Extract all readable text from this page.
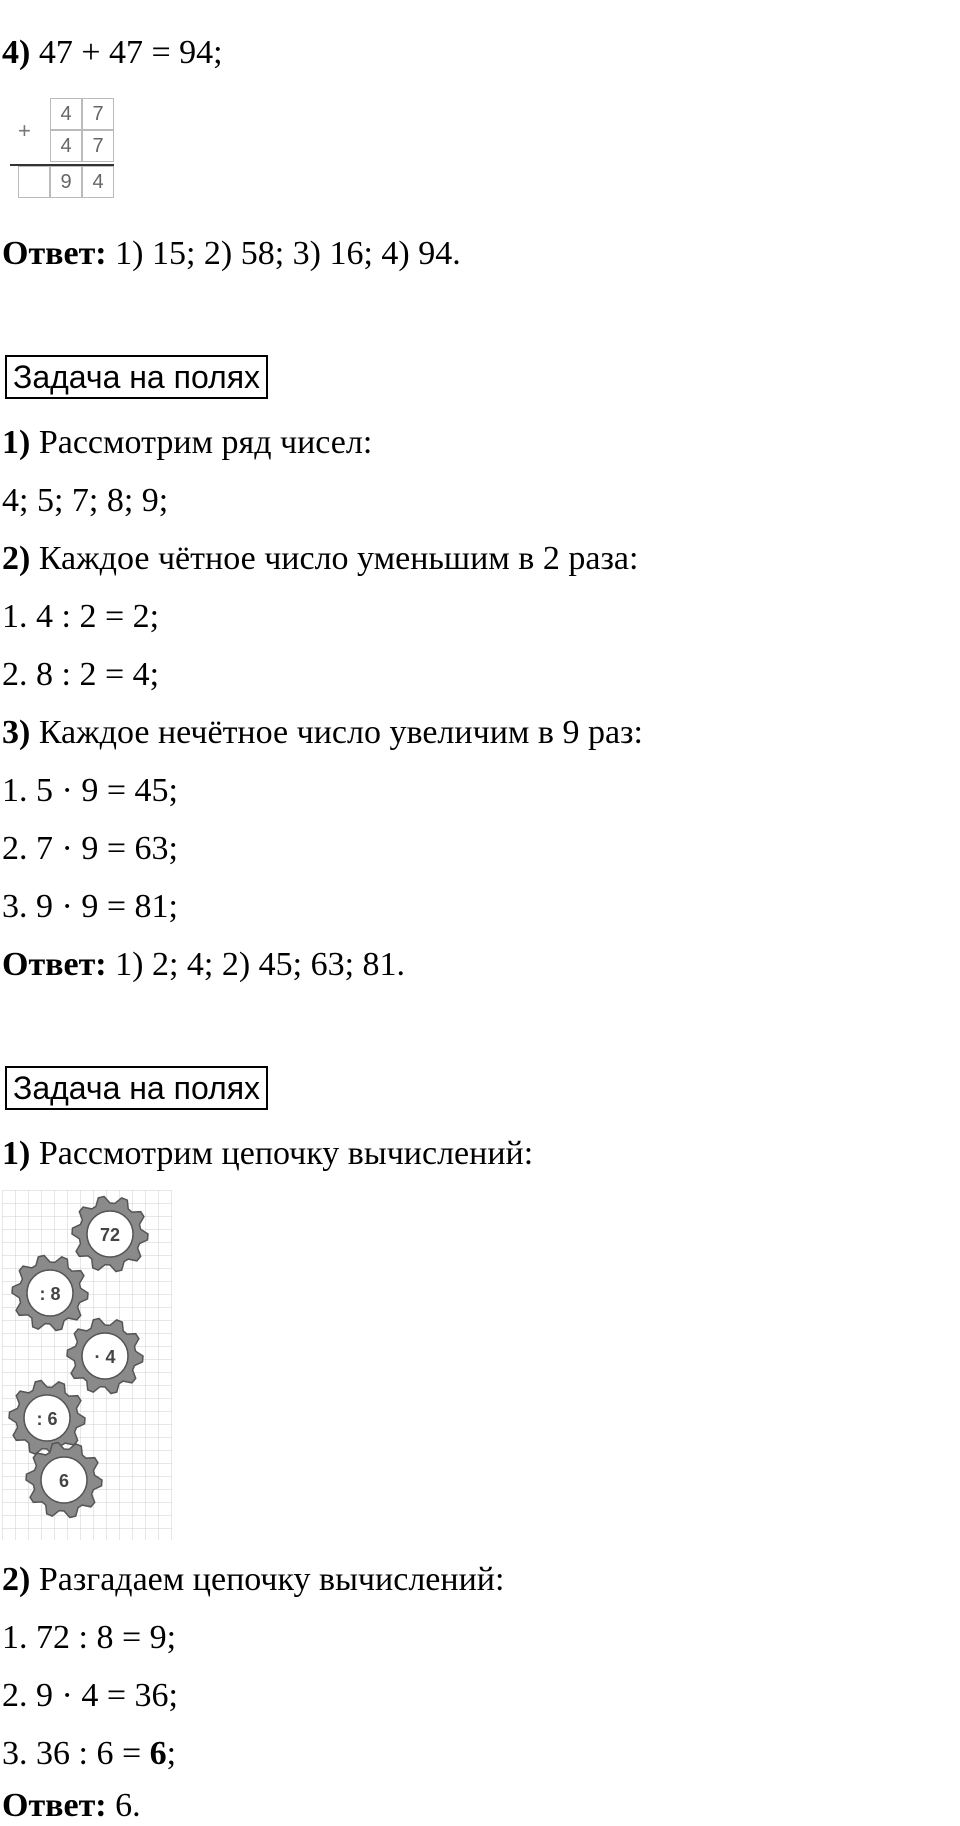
4) 47 + 47 = 94;
+
4	7
4	7
9	4
Ответ: 1) 15; 2) 58; 3) 16; 4) 94.
Задача на полях
1) Рассмотрим ряд чисел:
4; 5; 7; 8; 9;
2) Каждое чётное число уменьшим в 2 раза:
1. 4 : 2 = 2;
2. 8 : 2 = 4;
3) Каждое нечётное число увеличим в 9 раз:
1. 5 · 9 = 45;
2. 7 · 9 = 63;
3. 9 · 9 = 81;
Ответ: 1) 2; 4; 2) 45; 63; 81.
Задача на полях
1) Рассмотрим цепочку вычислений:
72
: 8
· 4
: 6
6
2) Разгадаем цепочку вычислений:
1. 72 : 8 = 9;
2. 9 · 4 = 36;
3. 36 : 6 = 6;
Ответ: 6.
